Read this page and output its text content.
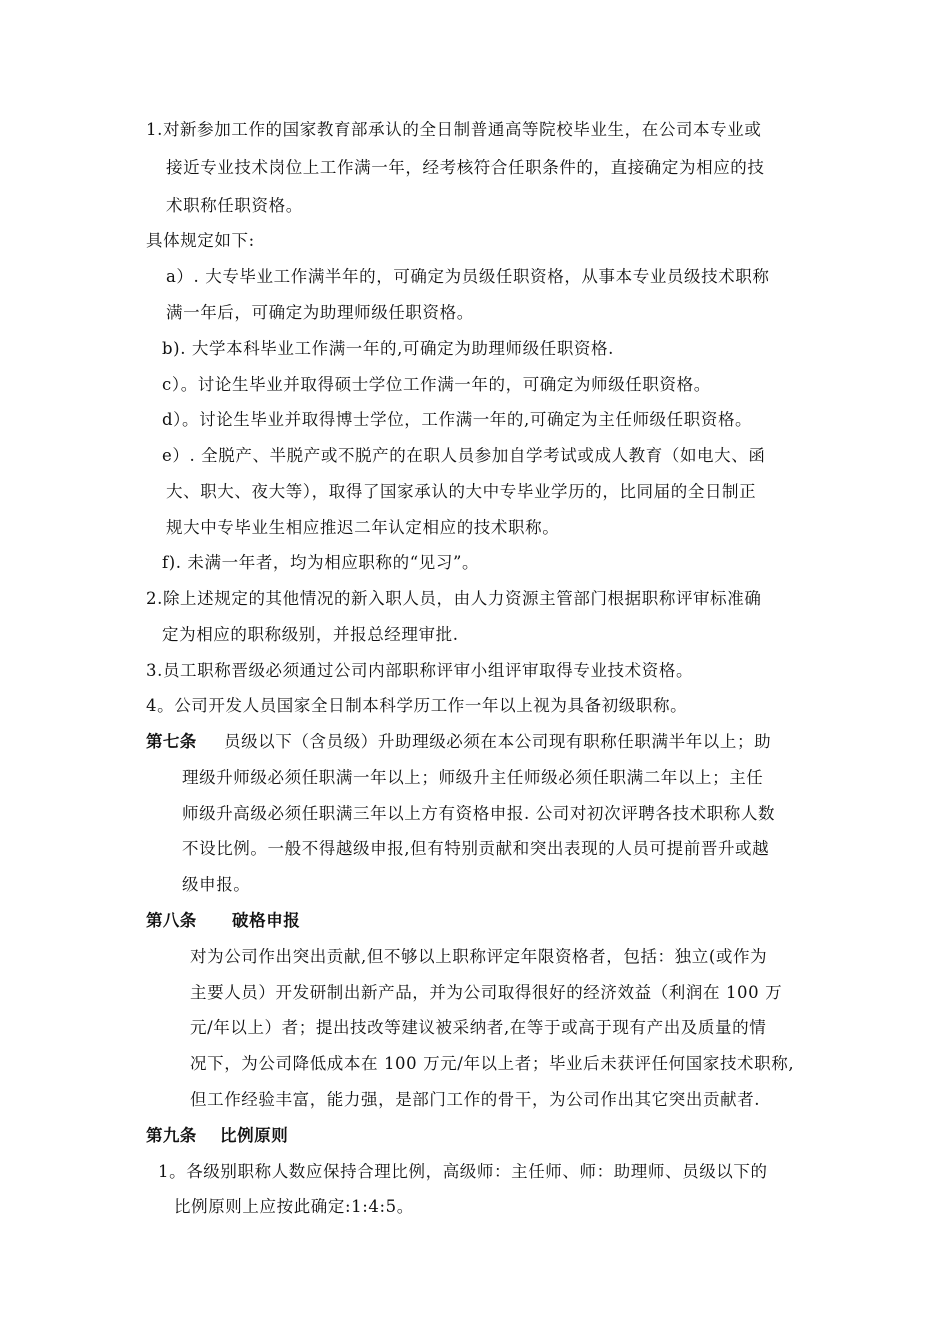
1.对新参加工作的国家教育部承认的全日制普通高等院校毕业生，在公司本专业或
接近专业技术岗位上工作满一年，经考核符合任职条件的，直接确定为相应的技
术职称任职资格。
具体规定如下:
a）. 大专毕业工作满半年的，可确定为员级任职资格，从事本专业员级技术职称
满一年后，可确定为助理师级任职资格。
b). 大学本科毕业工作满一年的,可确定为助理师级任职资格.
c）。讨论生毕业并取得硕士学位工作满一年的，可确定为师级任职资格。
d）。讨论生毕业并取得博士学位，工作满一年的,可确定为主任师级任职资格。
e）. 全脱产、半脱产或不脱产的在职人员参加自学考试或成人教育（如电大、函
大、职大、夜大等），取得了国家承认的大中专毕业学历的，比同届的全日制正
规大中专毕业生相应推迟二年认定相应的技术职称。
f). 未满一年者，均为相应职称的“见习”。
2.除上述规定的其他情况的新入职人员，由人力资源主管部门根据职称评审标准确
定为相应的职称级别，并报总经理审批.
3.员工职称晋级必须通过公司内部职称评审小组评审取得专业技术资格。
4。公司开发人员国家全日制本科学历工作一年以上视为具备初级职称。
第七条 员级以下（含员级）升助理级必须在本公司现有职称任职满半年以上；助
理级升师级必须任职满一年以上；师级升主任师级必须任职满二年以上；主任
师级升高级必须任职满三年以上方有资格申报. 公司对初次评聘各技术职称人数
不设比例。一般不得越级申报,但有特别贡献和突出表现的人员可提前晋升或越
级申报。
第八条 破格申报
对为公司作出突出贡献,但不够以上职称评定年限资格者，包括：独立(或作为
主要人员）开发研制出新产品，并为公司取得很好的经济效益（利润在 100 万
元/年以上）者；提出技改等建议被采纳者,在等于或高于现有产出及质量的情
况下，为公司降低成本在 100 万元/年以上者；毕业后未获评任何国家技术职称,
但工作经验丰富，能力强，是部门工作的骨干，为公司作出其它突出贡献者.
第九条 比例原则
1。各级别职称人数应保持合理比例，高级师：主任师、师：助理师、员级以下的
比例原则上应按此确定:1:4:5。
